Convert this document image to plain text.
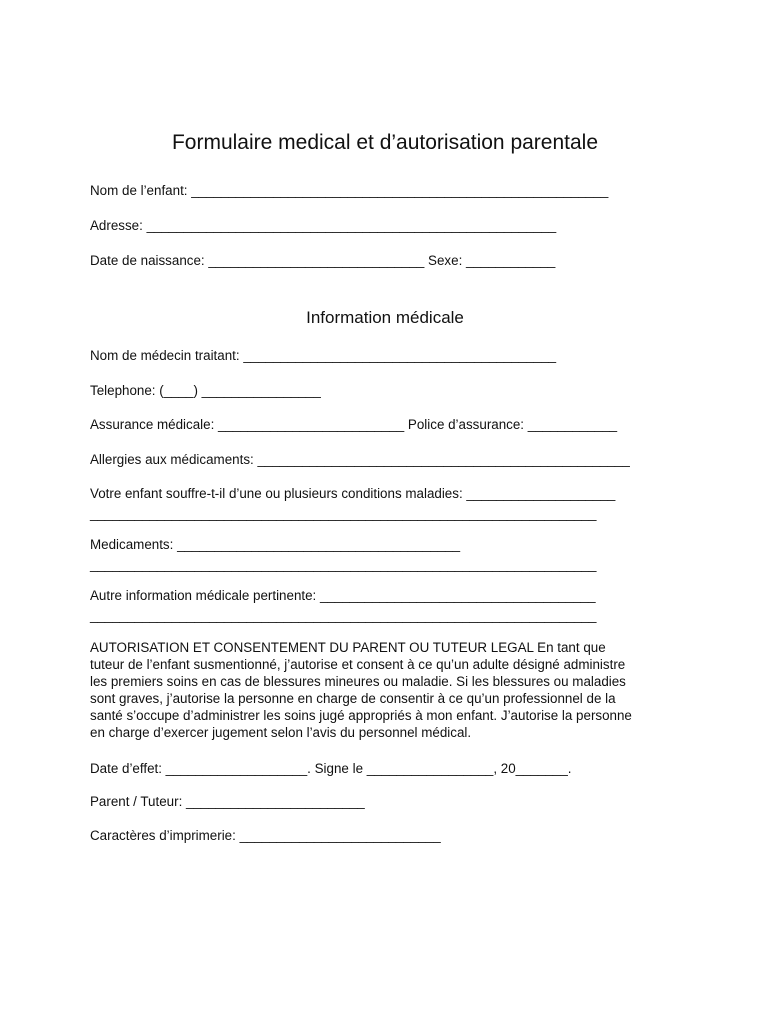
Formulaire medical et d’autorisation parentale
Nom de l’enfant: ________________________________________________________
Adresse: _______________________________________________________
Date de naissance: _____________________________ Sexe: ____________
Information médicale
Nom de médecin traitant: __________________________________________
Telephone: (____) ________________
Assurance médicale: _________________________ Police d’assurance: ____________
Allergies aux médicaments: __________________________________________________
Votre enfant souffre-t-il d’une ou plusieurs conditions maladies: ____________________
____________________________________________________________________
Medicaments: ______________________________________
____________________________________________________________________
Autre information médicale pertinente: _____________________________________
____________________________________________________________________
AUTORISATION ET CONSENTEMENT DU PARENT OU TUTEUR LEGAL En tant que
tuteur de l’enfant susmentionné, j’autorise et consent à ce qu’un adulte désigné administre
les premiers soins en cas de blessures mineures ou maladie. Si les blessures ou maladies
sont graves, j’autorise la personne en charge de consentir à ce qu’un professionnel de la
santé s’occupe d’administrer les soins jugé appropriés à mon enfant. J’autorise la personne
en charge d’exercer jugement selon l’avis du personnel médical.
Date d’effet: ___________________. Signe le _________________, 20_______.
Parent / Tuteur: ________________________
Caractères d’imprimerie: ___________________________
